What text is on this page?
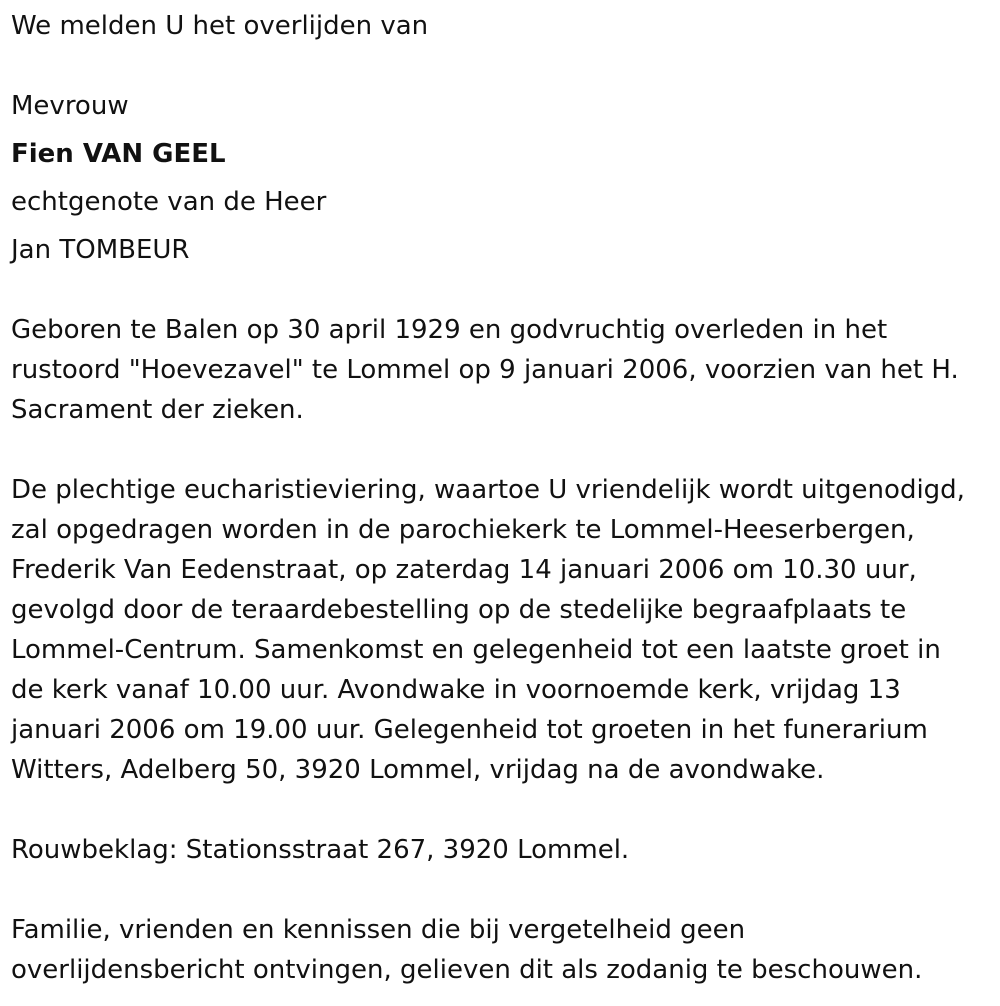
We melden U het overlijden van
Mevrouw
Fien VAN GEEL
echtgenote van de Heer
Jan TOMBEUR
Geboren te Balen op 30 april 1929 en godvruchtig overleden in het
rustoord "Hoevezavel" te Lommel op 9 januari 2006, voorzien van het H.
Sacrament der zieken.
De plechtige eucharistieviering, waartoe U vriendelijk wordt uitgenodigd,
zal opgedragen worden in de parochiekerk te Lommel-Heeserbergen,
Frederik Van Eedenstraat, op zaterdag 14 januari 2006 om 10.30 uur,
gevolgd door de teraardebestelling op de stedelijke begraafplaats te
Lommel-Centrum. Samenkomst en gelegenheid tot een laatste groet in
de kerk vanaf 10.00 uur. Avondwake in voornoemde kerk, vrijdag 13
januari 2006 om 19.00 uur. Gelegenheid tot groeten in het funerarium
Witters, Adelberg 50, 3920 Lommel, vrijdag na de avondwake.
Rouwbeklag: Stationsstraat 267, 3920 Lommel.
Familie, vrienden en kennissen die bij vergetelheid geen
overlijdensbericht ontvingen, gelieven dit als zodanig te beschouwen.
